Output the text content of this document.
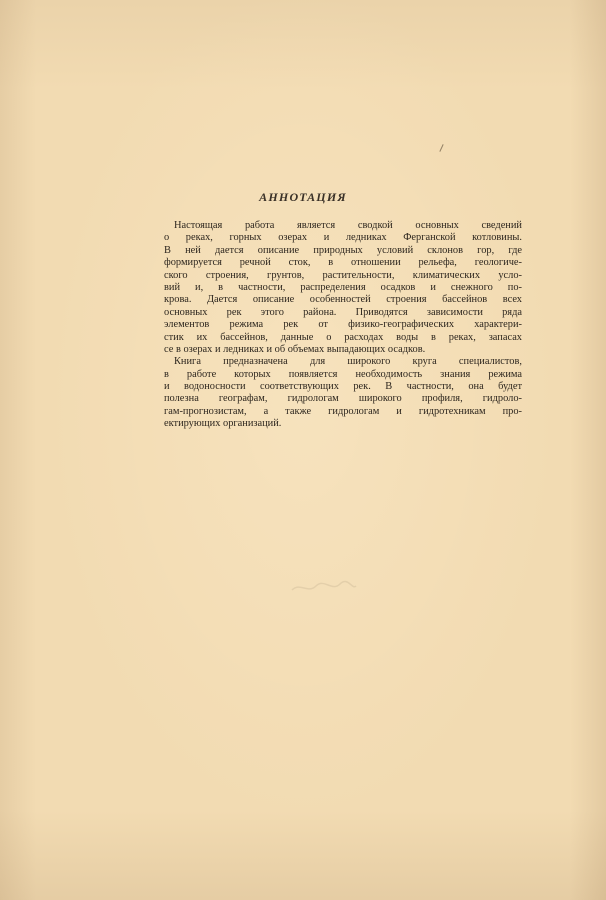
АННОТАЦИЯ
Настоящая работа является сводкой основных сведений
о реках, горных озерах и ледниках Ферганской котловины.
В ней дается описание природных условий склонов гор, где
формируется речной сток, в отношении рельефа, геологиче-
ского строения, грунтов, растительности, климатических усло-
вий и, в частности, распределения осадков и снежного по-
крова. Дается описание особенностей строения бассейнов всех
основных рек этого района. Приводятся зависимости ряда
элементов режима рек от физико-географических характери-
стик их бассейнов, данные о расходах воды в реках, запасах
се в озерах и ледниках и об объемах выпадающих осадков.
Книга предназначена для широкого круга специалистов,
в работе которых появляется необходимость знания режима
и водоносности соответствующих рек. В частности, она будет
полезна географам, гидрологам широкого профиля, гидроло-
гам-прогнозистам, а также гидрологам и гидротехникам про-
ектирующих организаций.
